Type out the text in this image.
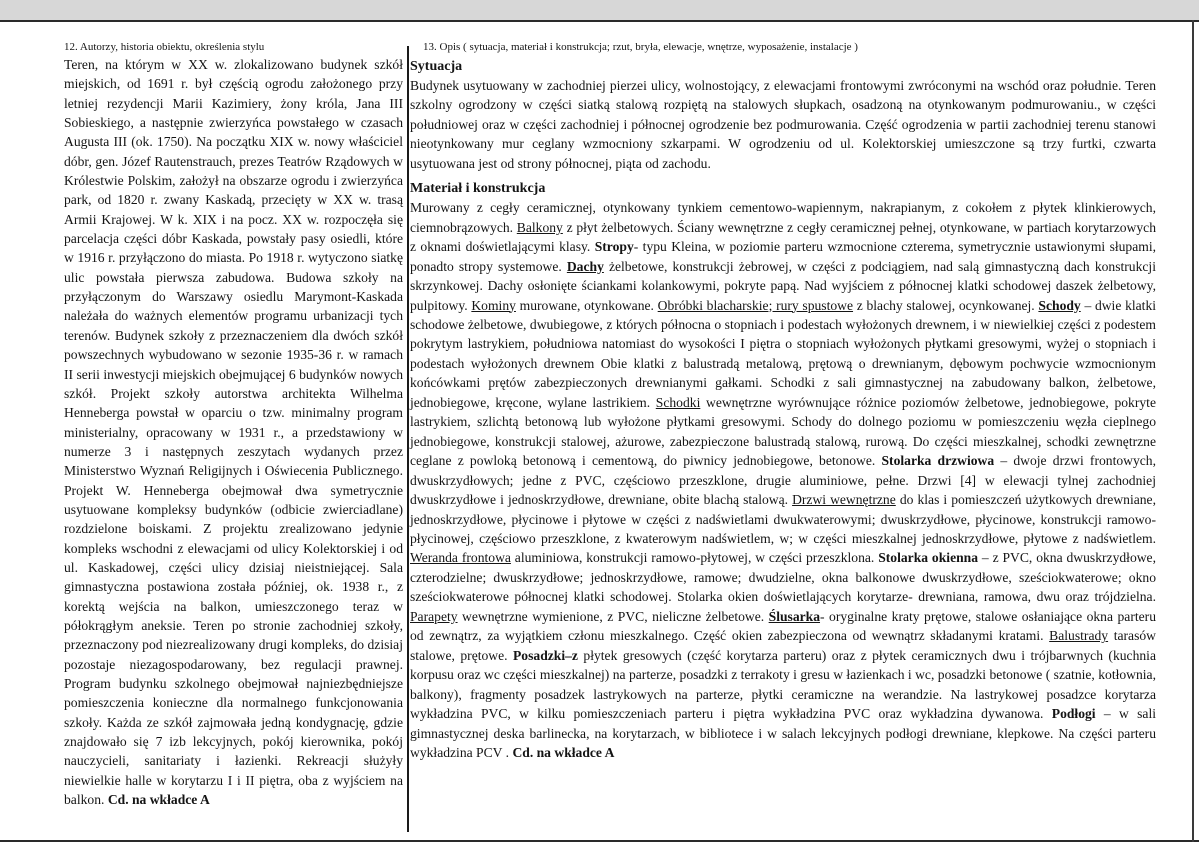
12. Autorzy, historia obiektu, określenia stylu

Teren, na którym w XX w. zlokalizowano budynek szkół miejskich, od 1691 r. był częścią ogrodu założonego przy letniej rezydencji Marii Kazimiery, żony króla, Jana III Sobieskiego, a następnie zwierzyńca powstałego w czasach Augusta III (ok. 1750). Na początku XIX w. nowy właściciel dóbr, gen. Józef Rautenstrauch, prezes Teatrów Rządowych w Królestwie Polskim, założył na obszarze ogrodu i zwierzyńca park, od 1820 r. zwany Kaskadą, przecięty w XX w. trasą Armii Krajowej. W k. XIX i na pocz. XX w. rozpoczęła się parcelacja części dóbr Kaskada, powstały pasy osiedli, które w 1916 r. przyłączono do miasta. Po 1918 r. wytyczono siatkę ulic powstała pierwsza zabudowa. Budowa szkoły na przyłączonym do Warszawy osiedlu Marymont-Kaskada należała do ważnych elementów programu urbanizacji tych terenów. Budynek szkoły z przeznaczeniem dla dwóch szkół powszechnych wybudowano w sezonie 1935-36 r. w ramach II serii inwestycji miejskich obejmującej 6 budynków nowych szkół. Projekt szkoły autorstwa architekta Wilhelma Henneberga powstał w oparciu o tzw. minimalny program ministerialny, opracowany w 1931 r., a przedstawiony w numerze 3 i następnych zeszytach wydanych przez Ministerstwo Wyznań Religijnych i Oświecenia Publicznego. Projekt W. Henneberga obejmował dwa symetrycznie usytuowane kompleksy budynków (odbicie zwierciadlane) rozdzielone boiskami. Z projektu zrealizowano jedynie kompleks wschodni z elewacjami od ulicy Kolektorskiej i od ul. Kaskadowej, części ulicy dzisiaj nieistniejącej. Sala gimnastyczna postawiona została później, ok. 1938 r., z korektą wejścia na balkon, umieszczonego teraz w półokrągłym aneksie. Teren po stronie zachodniej szkoły, przeznaczony pod niezrealizowany drugi kompleks, do dzisiaj pozostaje niezagospodarowany, bez regulacji prawnej. Program budynku szkolnego obejmował najniezbędniejsze pomieszczenia konieczne dla normalnego funkcjonowania szkoły. Każda ze szkół zajmowała jedną kondygnację, gdzie znajdowało się 7 izb lekcyjnych, pokój kierownika, pokój nauczycieli, sanitariaty i łazienki. Rekreacji służyły niewielkie halle w korytarzu I i II piętra, oba z wyjściem na balkon. Cd. na wkładce A

13. Opis ( sytuacja, materiał i konstrukcja; rzut, bryła, elewacje, wnętrze, wyposażenie, instalacje )

Sytuacja

Budynek usytuowany w zachodniej pierzei ulicy, wolnostojący, z elewacjami frontowymi zwróconymi na wschód oraz południe. Teren szkolny ogrodzony w części siatką stalową rozpiętą na stalowych słupkach, osadzoną na otynkowanym podmurowaniu., w części południowej oraz w części zachodniej i północnej ogrodzenie bez podmurowania. Część ogrodzenia w partii zachodniej terenu stanowi nieotynkowany mur ceglany wzmocniony szkarpami. W ogrodzeniu od ul. Kolektorskiej umieszczone są trzy furtki, czwarta usytuowana jest od strony północnej, piąta od zachodu.

Materiał i konstrukcja

Murowany z cegły ceramicznej, otynkowany tynkiem cementowo-wapiennym, nakrapianym, z cokołem z płytek klinkierowych, ciemnobrązowych. Balkony z płyt żelbetowych. Ściany wewnętrzne z cegły ceramicznej pełnej, otynkowane, w partiach korytarzowych z oknami doświetlającymi klasy. Stropy- typu Kleina, w poziomie parteru wzmocnione czterema, symetrycznie ustawionymi słupami, ponadto stropy systemowe. Dachy żelbetowe, konstrukcji żebrowej, w części z podciągiem, nad salą gimnastyczną dach konstrukcji skrzynkowej. Dachy osłonięte ściankami kolankowymi, pokryte papą. Nad wyjściem z północnej klatki schodowej daszek żelbetowy, pulpitowy. Kominy murowane, otynkowane. Obróbki blacharskie; rury spustowe z blachy stalowej, ocynkowanej. Schody – dwie klatki schodowe żelbetowe, dwubiegowe, z których północna o stopniach i podestach wyłożonych drewnem, i w niewielkiej części z podestem pokrytym lastrykiem, południowa natomiast do wysokości I piętra o stopniach wyłożonych płytkami gresowymi, wyżej o stopniach i podestach wyłożonych drewnem Obie klatki z balustradą metalową, prętową o drewnianym, dębowym pochwycie wzmocnionym końcówkami prętów zabezpieczonych drewnianymi gałkami. Schodki z sali gimnastycznej na zabudowany balkon, żelbetowe, jednobiegowe, kręcone, wylane lastrikiem. Schodki wewnętrzne wyrównujące różnice poziomów żelbetowe, jednobiegowe, pokryte lastrykiem, szlichtą betonową lub wyłożone płytkami gresowymi. Schody do dolnego poziomu w pomieszczeniu węzła cieplnego jednobiegowe, konstrukcji stalowej, ażurowe, zabezpieczone balustradą stalową, rurową. Do części mieszkalnej, schodki zewnętrzne ceglane z powloką betonową i cementową, do piwnicy jednobiegowe, betonowe. Stolarka drzwiowa – dwoje drzwi frontowych, dwuskrzydłowych; jedne z PVC, częściowo przeszklone, drugie aluminiowe, pełne. Drzwi [4] w elewacji tylnej zachodniej dwuskrzydłowe i jednoskrzydłowe, drewniane, obite blachą stalową. Drzwi wewnętrzne do klas i pomieszczeń użytkowych drewniane, jednoskrzydłowe, płycinowe i płytowe w części z nadświetlami dwukwaterowymi; dwuskrzydłowe, płycinowe, konstrukcji ramowo-płycinowej, częściowo przeszklone, z kwaterowym nadświetlem, w; w części mieszkalnej jednoskrzydłowe, płytowe z nadświetlem. Weranda frontowa aluminiowa, konstrukcji ramowo-płytowej, w części przeszklona. Stolarka okienna – z PVC, okna dwuskrzydłowe, czterodzielne; dwuskrzydłowe; jednoskrzydłowe, ramowe; dwudzielne, okna balkonowe dwuskrzydłowe, sześciokwaterowe; okno sześciokwaterowe północnej klatki schodowej. Stolarka okien doświetlających korytarze- drewniana, ramowa, dwu oraz trójdzielna. Parapety wewnętrzne wymienione, z PVC, nieliczne żelbetowe. Ślusarka- oryginalne kraty prętowe, stalowe osłaniające okna parteru od zewnątrz, za wyjątkiem członu mieszkalnego. Część okien zabezpieczona od wewnątrz składanymi kratami. Balustrady tarasów stalowe, prętowe. Posadzki–z płytek gresowych (część korytarza parteru) oraz z płytek ceramicznych dwu i trójbarwnych (kuchnia korpusu oraz wc części mieszkalnej) na parterze, posadzki z terrakoty i gresu w łazienkach i wc, posadzki betonowe ( szatnie, kotłownia, balkony), fragmenty posadzek lastrykowych na parterze, płytki ceramiczne na werandzie. Na lastrykowej posadzce korytarza wykładzina PVC, w kilku pomieszczeniach parteru i piętra wykładzina PVC oraz wykładzina dywanowa. Podłogi – w sali gimnastycznej deska barlinecka, na korytarzach, w bibliotece i w salach lekcyjnych podłogi drewniane, klepkowe. Na części parteru wykładzina PCV . Cd. na wkładce A
